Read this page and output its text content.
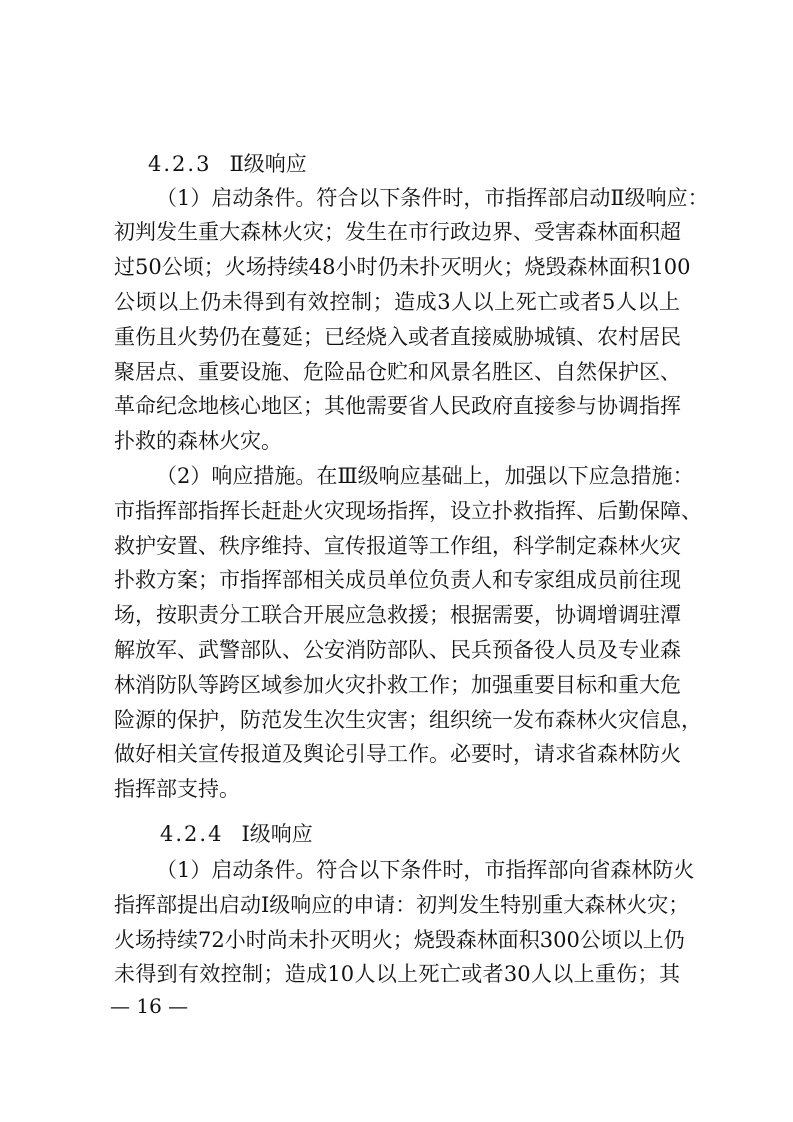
4.2.3 Ⅱ级响应
（1）启动条件。符合以下条件时，市指挥部启动Ⅱ级响应：
初判发生重大森林火灾；发生在市行政边界、受害森林面积超
过50公顷；火场持续48小时仍未扑灭明火；烧毁森林面积100
公顷以上仍未得到有效控制；造成3人以上死亡或者5人以上
重伤且火势仍在蔓延；已经烧入或者直接威胁城镇、农村居民
聚居点、重要设施、危险品仓贮和风景名胜区、自然保护区、
革命纪念地核心地区；其他需要省人民政府直接参与协调指挥
扑救的森林火灾。
（2）响应措施。在Ⅲ级响应基础上，加强以下应急措施：
市指挥部指挥长赶赴火灾现场指挥，设立扑救指挥、后勤保障、
救护安置、秩序维持、宣传报道等工作组，科学制定森林火灾
扑救方案；市指挥部相关成员单位负责人和专家组成员前往现
场，按职责分工联合开展应急救援；根据需要，协调增调驻潭
解放军、武警部队、公安消防部队、民兵预备役人员及专业森
林消防队等跨区域参加火灾扑救工作；加强重要目标和重大危
险源的保护，防范发生次生灾害；组织统一发布森林火灾信息，
做好相关宣传报道及舆论引导工作。必要时，请求省森林防火
指挥部支持。
4.2.4 Ⅰ级响应
（1）启动条件。符合以下条件时，市指挥部向省森林防火
指挥部提出启动Ⅰ级响应的申请：初判发生特别重大森林火灾；
火场持续72小时尚未扑灭明火；烧毁森林面积300公顷以上仍
未得到有效控制；造成10人以上死亡或者30人以上重伤；其
— 16 —
